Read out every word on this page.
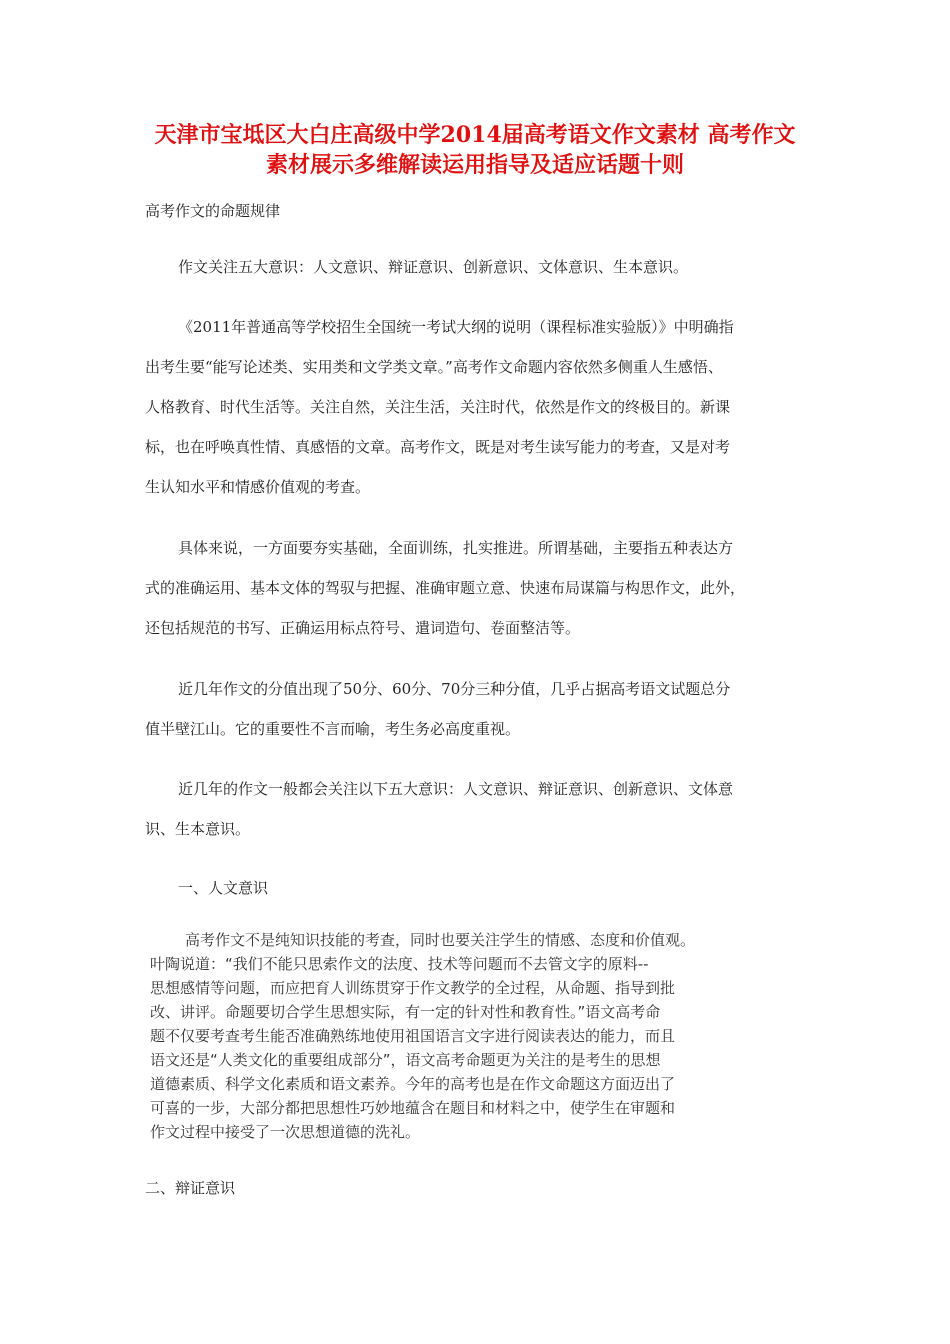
天津市宝坻区大白庄高级中学2014届高考语文作文素材 高考作文
素材展示多维解读运用指导及适应话题十则

高考作文的命题规律

作文关注五大意识：人文意识、辩证意识、创新意识、文体意识、生本意识。

《2011年普通高等学校招生全国统一考试大纲的说明（课程标准实验版）》中明确指
出考生要“能写论述类、实用类和文学类文章。”高考作文命题内容依然多侧重人生感悟、
人格教育、时代生活等。关注自然，关注生活，关注时代，依然是作文的终极目的。新课
标，也在呼唤真性情、真感悟的文章。高考作文，既是对考生读写能力的考查，又是对考
生认知水平和情感价值观的考查。

具体来说，一方面要夯实基础，全面训练，扎实推进。所谓基础，主要指五种表达方
式的准确运用、基本文体的驾驭与把握、准确审题立意、快速布局谋篇与构思作文，此外，
还包括规范的书写、正确运用标点符号、遣词造句、卷面整洁等。

近几年作文的分值出现了50分、60分、70分三种分值，几乎占据高考语文试题总分
值半壁江山。它的重要性不言而喻，考生务必高度重视。

近几年的作文一般都会关注以下五大意识：人文意识、辩证意识、创新意识、文体意
识、生本意识。

一、人文意识

高考作文不是纯知识技能的考查，同时也要关注学生的情感、态度和价值观。
叶陶说道：“我们不能只思索作文的法度、技术等问题而不去管文字的原料--
思想感情等问题，而应把育人训练贯穿于作文教学的全过程，从命题、指导到批
改、讲评。命题要切合学生思想实际，有一定的针对性和教育性。”语文高考命
题不仅要考查考生能否准确熟练地使用祖国语言文字进行阅读表达的能力，而且
语文还是“人类文化的重要组成部分”，语文高考命题更为关注的是考生的思想
道德素质、科学文化素质和语文素养。今年的高考也是在作文命题这方面迈出了
可喜的一步，大部分都把思想性巧妙地蕴含在题目和材料之中，使学生在审题和
作文过程中接受了一次思想道德的洗礼。

二、辩证意识
